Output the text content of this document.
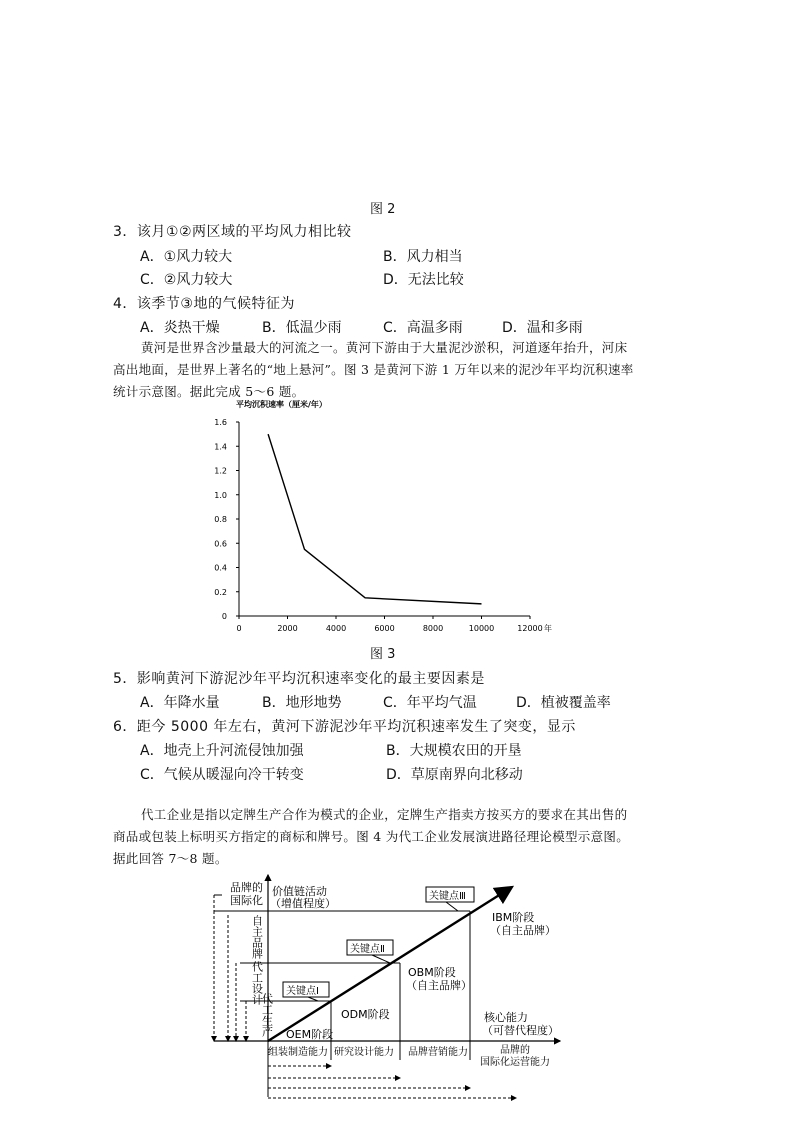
图 2
3．该月①②两区域的平均风力相比较
A．①风力较大	B．风力相当
C．②风力较大	D．无法比较
4．该季节③地的气候特征为
A．炎热干燥	B．低温少雨	C．高温多雨	D．温和多雨
黄河是世界含沙量最大的河流之一。黄河下游由于大量泥沙淤积，河道逐年抬升，河床
高出地面，是世界上著名的“地上悬河”。图 3 是黄河下游 1 万年以来的泥沙年平均沉积速率
统计示意图。据此完成 5～6 题。
平均沉积速率（厘米/年）
0
0.2
0.4
0.6
0.8
1.0
1.2
1.4
1.6
0	2000	4000	6000	8000	10000	12000 年
图 3
5．影响黄河下游泥沙年平均沉积速率变化的最主要因素是
A．年降水量	B．地形地势	C．年平均气温	D．植被覆盖率
6．距今 5000 年左右，黄河下游泥沙年平均沉积速率发生了突变，显示
A．地壳上升河流侵蚀加强	B．大规模农田的开垦
C．气候从暖湿向冷干转变	D．草原南界向北移动
代工企业是指以定牌生产合作为模式的企业，定牌生产指卖方按买方的要求在其出售的
商品或包装上标明买方指定的商标和牌号。图 4 为代工企业发展演进路径理论模型示意图。
据此回答 7～8 题。
品牌的
国际化
价值链活动
（增值程度）
自主品牌
代工设计
代工生产
关键点Ⅲ
关键点Ⅱ
关键点Ⅰ
IBM阶段
（自主品牌）
OBM阶段
（自主品牌）
ODM阶段
OEM阶段
核心能力
（可替代程度）
组装制造能力 研究设计能力 品牌营销能力	品牌的
国际化运营能力
